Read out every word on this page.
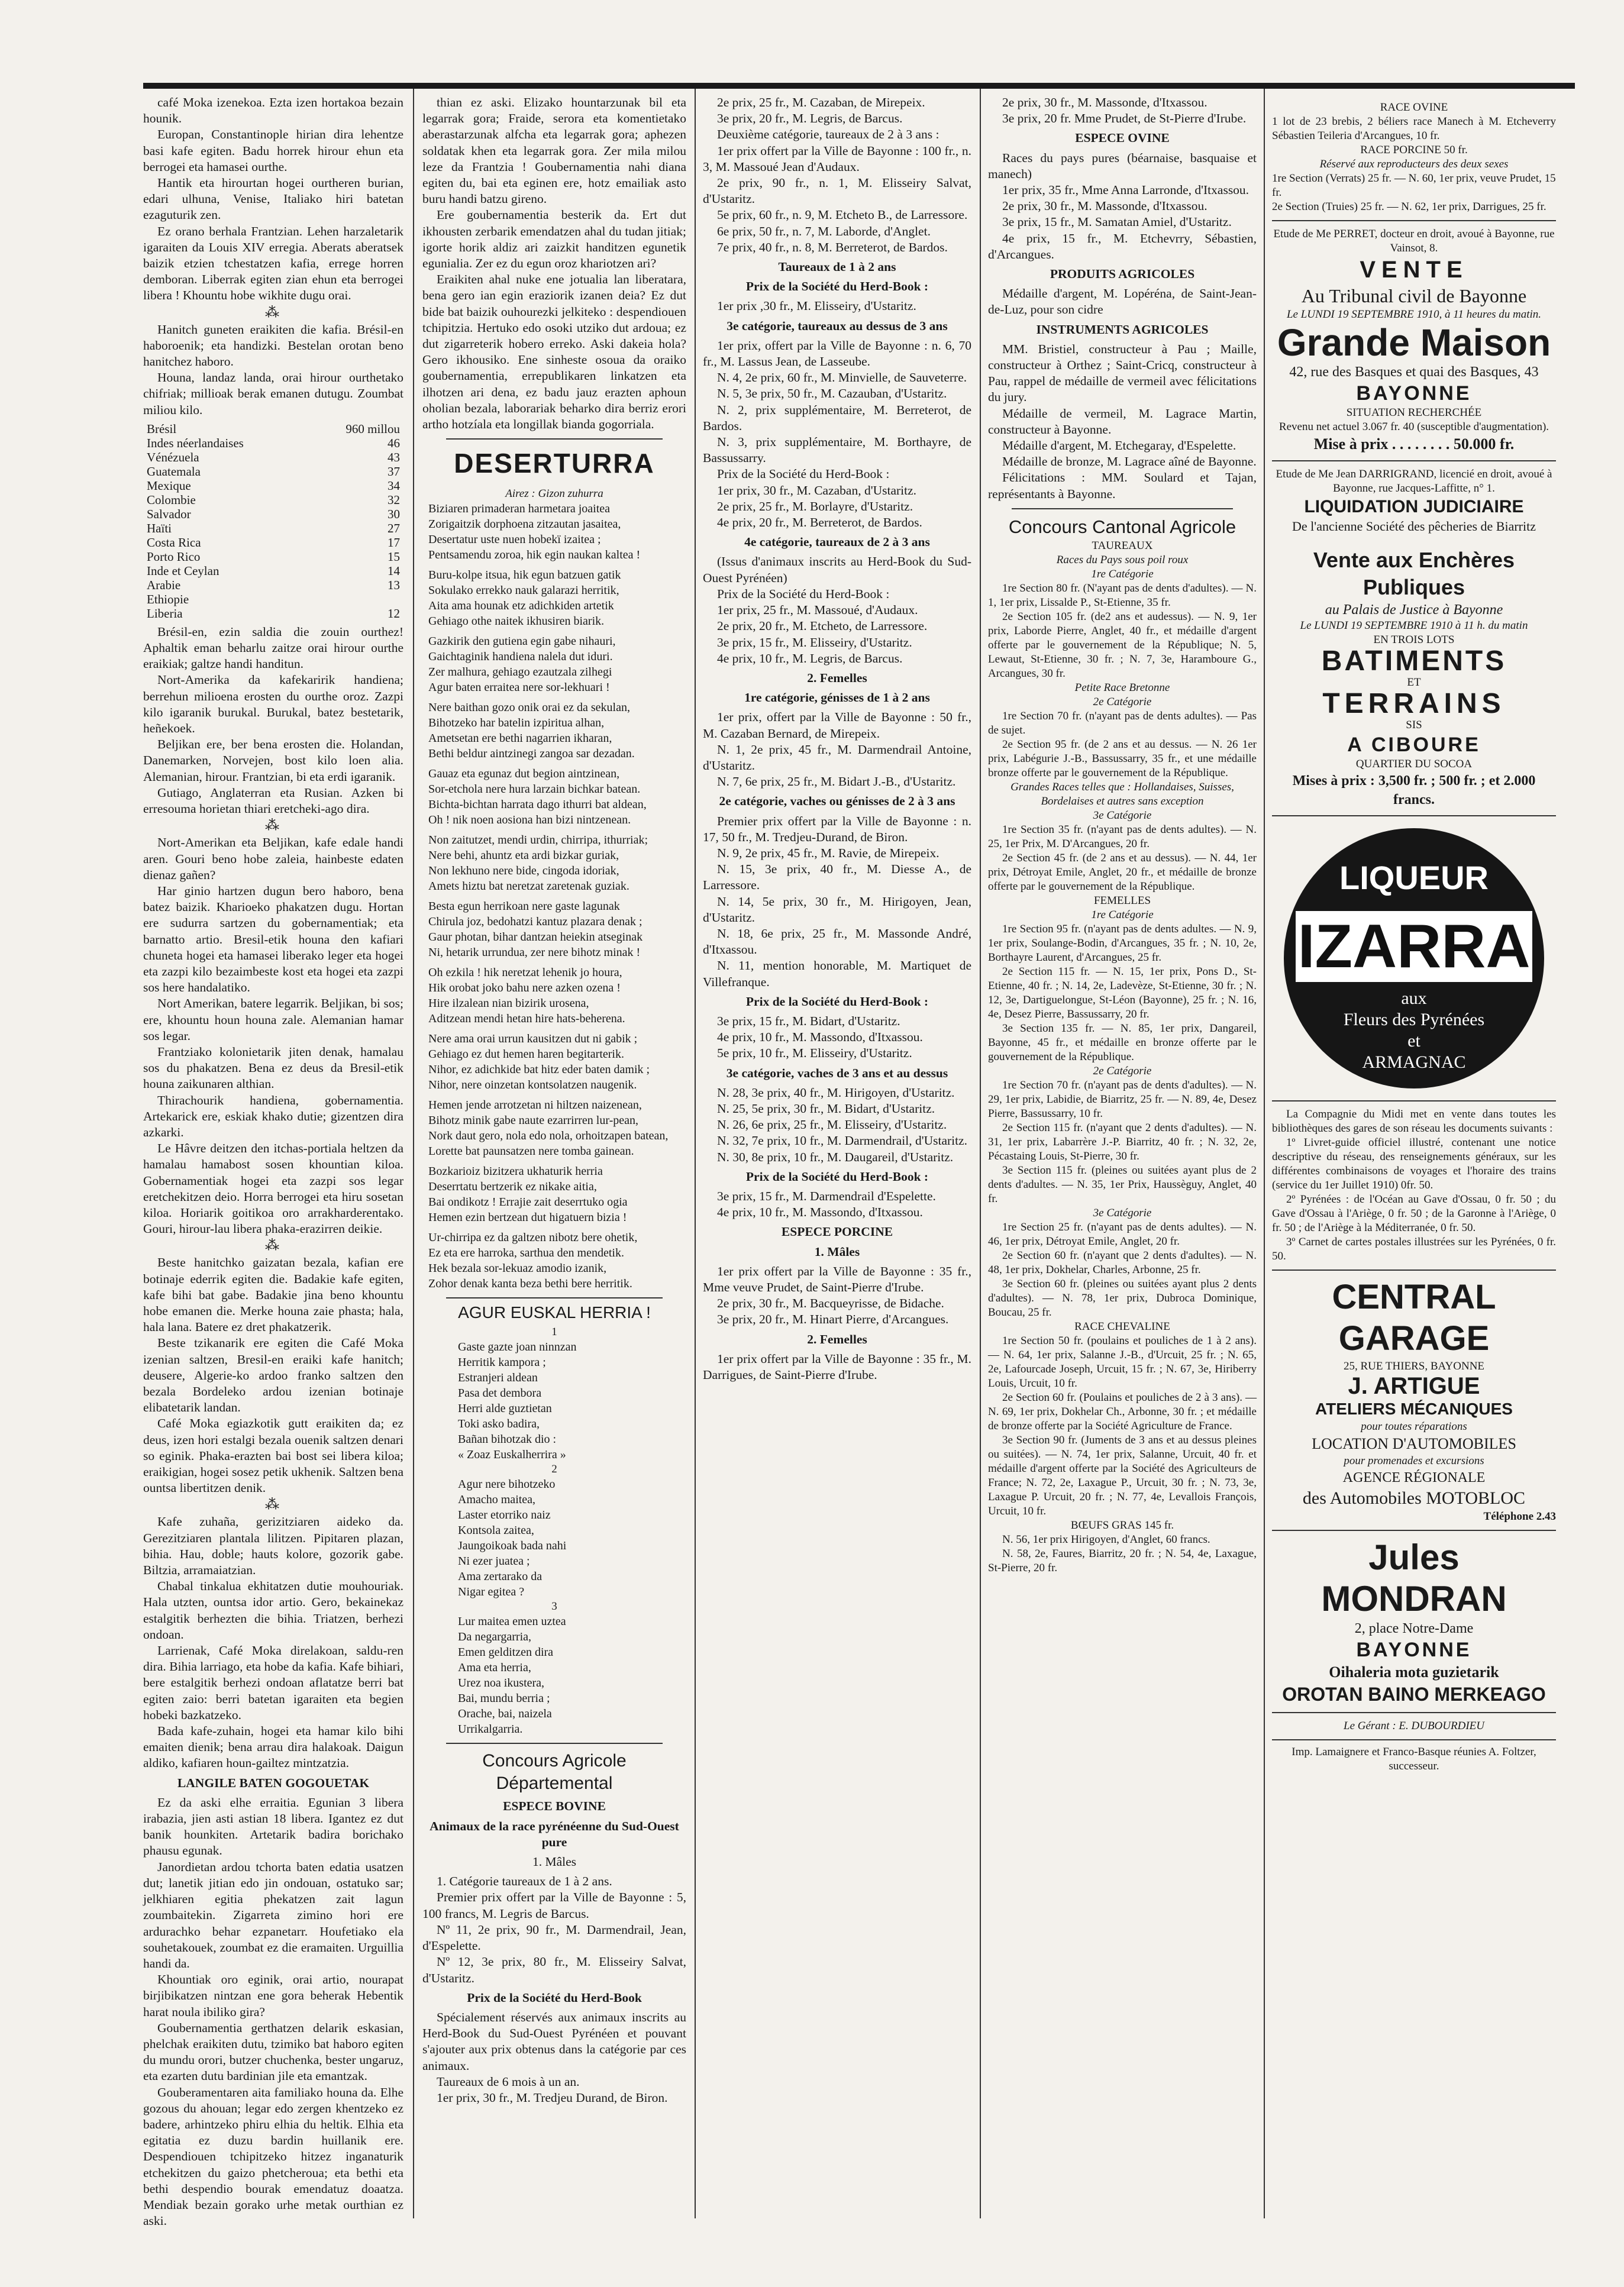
café Moka izenekoa. Ezta izen hortakoa bezain hounik.

Europan, Constantinople hirian dira lehentze basi kafe egiten. Badu horrek hirour ehun eta berrogei eta hamasei ourthe.

Hantik eta hirourtan hogei ourtheren burian, edari ulhuna, Venise, Italiako hiri batetan ezaguturik zen.

Ez orano berhala Frantzian. Lehen harzaletarik igaraiten da Louis XIV erregia. Aberats aberatsek baizik etzien tchestatzen kafia, errege horren demboran. Liberrak egiten zian ehun eta berrogei libera ! Khountu hobe wikhite dugu orai.

⁂

Hanitch guneten eraikiten die kafia. Brésil-en haboroenik; eta handizki. Bestelan orotan beno hanitchez haboro.

Houna, landaz landa, orai hirour ourthetako chifriak; millioak berak emanen dutugu. Zoumbat miliou kilo.

Brésil	960 millou
Indes néerlandaises	46
Vénézuela	43
Guatemala	37
Mexique	34
Colombie	32
Salvador	30
Haïti	27
Costa Rica	17
Porto Rico	15
Inde et Ceylan	14
Arabie	13
Ethiopie	
Liberia	12

Brésil-en, ezin saldia die zouin ourthez! Aphaltik eman beharlu zaitze orai hirour ourthe eraikiak; galtze handi handitun.

Nort-Amerika da kafekaririk handiena; berrehun milioena erosten du ourthe oroz. Zazpi kilo igaranik burukal. Burukal, batez bestetarik, heñekoek.

Beljikan ere, ber bena erosten die. Holandan, Danemarken, Norvejen, bost kilo loen alia. Alemanian, hirour. Frantzian, bi eta erdi igaranik.

Gutiago, Anglaterran eta Rusian. Azken bi erresouma horietan thiari eretcheki-ago dira.

⁂

Nort-Amerikan eta Beljikan, kafe edale handi aren. Gouri beno hobe zaleia, hainbeste edaten dienaz gañen?

Har ginio hartzen dugun bero haboro, bena batez baizik. Kharioeko phakatzen dugu. Hortan ere sudurra sartzen du gobernamentiak; eta barnatto artio. Bresil-etik houna den kafiari chuneta hogei eta hamasei liberako leger eta hogei eta zazpi kilo bezaimbeste kost eta hogei eta zazpi sos here handalatiko.

Nort Amerikan, batere legarrik. Beljikan, bi sos; ere, khountu houn houna zale. Alemanian hamar sos legar.

Frantziako kolonietarik jiten denak, hamalau sos du phakatzen. Bena ez deus da Bresil-etik houna zaikunaren althian.

Thirachourik handiena, gobernamentia. Artekarick ere, eskiak khako dutie; gizentzen dira azkarki.

Le Hâvre deitzen den itchas-portiala heltzen da hamalau hamabost sosen khountian kiloa. Gobernamentiak hogei eta zazpi sos legar eretchekitzen deio. Horra berrogei eta hiru sosetan kiloa. Horiarik goitikoa oro arrakharderentako. Gouri, hirour-lau libera phaka-erazirren deikie.

⁂

Beste hanitchko gaizatan bezala, kafian ere botinaje ederrik egiten die. Badakie kafe egiten, kafe bihi bat gabe. Badakie jina beno khountu hobe emanen die. Merke houna zaie phasta; hala, hala lana. Batere ez dret phakatzerik.

Beste tzikanarik ere egiten die Café Moka izenian saltzen, Bresil-en eraiki kafe hanitch; deusere, Algerie-ko ardoo franko saltzen den bezala Bordeleko ardou izenian botinaje elibatetarik landan.

Café Moka egiazkotik gutt eraikiten da; ez deus, izen hori estalgi bezala ouenik saltzen denari so eginik. Phaka-erazten bai bost sei libera kiloa; eraikigian, hogei sosez petik ukhenik. Saltzen bena ountsa libertitzen denik.

⁂

Kafe zuhaña, gerizitziaren aideko da. Gerezitziaren plantala lilitzen. Pipitaren plazan, bihia. Hau, doble; hauts kolore, gozorik gabe. Biltzia, arramaiatzian.

Chabal tinkalua ekhitatzen dutie mouhouriak. Hala utzten, ountsa idor artio. Gero, bekainekaz estalgitik berhezten die bihia. Triatzen, berhezi ondoan.

Larrienak, Café Moka direlakoan, saldu-ren dira. Bihia larriago, eta hobe da kafia. Kafe bihiari, bere estalgitik berhezi ondoan aflatatze berri bat egiten zaio: berri batetan igaraiten eta begien hobeki bazkatzeko.

Bada kafe-zuhain, hogei eta hamar kilo bihi emaiten dienik; bena arrau dira halakoak. Daigun aldiko, kafiaren houn-gailtez mintzatzia.

LANGILE BATEN GOGOUETAK

Ez da aski elhe erraitia. Egunian 3 libera irabazia, jien asti astian 18 libera. Igantez ez dut banik hounkiten. Artetarik badira borichako phausu egunak.

Janordietan ardou tchorta baten edatia usatzen dut; lanetik jitian edo jin ondouan, ostatuko sar; jelkhiaren egitia phekatzen zait lagun zoumbaitekin. Zigarreta zimino hori ere ardurachko behar ezpanetarr. Houfetiako ela souhetakouek, zoumbat ez die eramaiten. Urguillia handi da.

Khountiak oro eginik, orai artio, nourapat birjibikatzen nintzan ene gora beherak Hebentik harat noula ibiliko gira?

Goubernamentia gerthatzen delarik eskasian, phelchak eraikiten dutu, tzimiko bat haboro egiten du mundu orori, butzer chuchenka, bester ungaruz, eta ezarten dutu bardinian jile eta emantzak.

Gouberamentaren aita familiako houna da. Elhe gozous du ahouan; legar edo zergen khentzeko ez badere, arhintzeko phiru elhia du heltik. Elhia eta egitatia ez duzu bardin huillanik ere. Despendiouen tchipitzeko hitzez inganaturik etchekitzen du gaizo phetcheroua; eta bethi eta bethi despendio bourak emendatuz doaatza. Mendiak bezain gorako urhe metak ourthian ez aski.

thian ez aski. Elizako hountarzunak bil eta legarrak gora; Fraide, serora eta komentietako aberastarzunak alfcha eta legarrak gora; aphezen soldatak khen eta legarrak gora. Zer mila milou leze da Frantzia ! Goubernamentia nahi diana egiten du, bai eta eginen ere, hotz emailiak asto buru handi batzu gireno.

Ere goubernamentia besterik da. Ert dut ikhousten zerbarik emendatzen ahal du tudan jitiak; igorte horik aldiz ari zaizkit handitzen egunetik egunialia. Zer ez du egun oroz khariotzen ari?

Eraikiten ahal nuke ene jotualia lan liberatara, bena gero ian egin eraziorik izanen deia? Ez dut bide bat baizik ouhourezki jelkiteko : despendiouen tchipitzia. Hertuko edo osoki utziko dut ardoua; ez dut zigarreterik hobero erreko. Aski dakeia hola? Gero ikhousiko. Ene sinheste osoua da oraiko goubernamentia, errepublikaren linkatzen eta ilhotzen ari dena, ez badu jauz erazten aphoun oholian bezala, laborariak beharko dira berriz erori artho hotzíala eta longillak bianda gogorriala.

DESERTURRA
Airez : Gizon zuhurra
Biziaren primaderan harmetara joaitea
Zorigaitzik dorphoena zitzautan jasaitea,
Desertatur uste nuen hobekï izaitea ;
Pentsamendu zoroa, hik egin naukan kaltea !
Buru-kolpe itsua, hik egun batzuen gatik
Sokulako errekko nauk galarazi herritik,
Aita ama hounak etz adichkiden artetik
Gehiago othe naitek ikhusiren biarik.
Gazkirik den gutiena egin gabe nihauri,
Gaichtaginik handiena nalela dut iduri.
Zer malhura, gehiago ezautzala zilhegi
Agur baten erraitea nere sor-lekhuari !
Nere baithan gozo onik orai ez da sekulan,
Bihotzeko har batelin izpiritua alhan,
Ametsetan ere bethi nagarrien ikharan,
Bethi beldur aintzinegi zangoa sar dezadan.
Gauaz eta egunaz dut begion aintzinean,
Sor-etchola nere hura larzain bichkar batean.
Bichta-bichtan harrata dago ithurri bat aldean,
Oh ! nik noen aosiona han bizi nintzenean.
Non zaitutzet, mendi urdin, chirripa, ithurriak;
Nere behi, ahuntz eta ardi bizkar guriak,
Non lekhuno nere bide, cingoda idoriak,
Amets hiztu bat neretzat zaretenak guziak.
Besta egun herrikoan nere gaste lagunak
Chirula joz, bedohatzi kantuz plazara denak ;
Gaur photan, bihar dantzan heiekin atseginak
Ni, hetarik urrundua, zer nere bihotz minak !
Oh ezkila ! hik neretzat lehenik jo houra,
Hik orobat joko bahu nere azken ozena !
Hire ilzalean nian bizirik urosena,
Aditzean mendi hetan hire hats-beherena.
Nere ama orai urrun kausitzen dut ni gabik ;
Gehiago ez dut hemen haren begitarterik.
Nihor, ez adichkide bat hitz eder baten damik ;
Nihor, nere oinzetan kontsolatzen naugenik.
Hemen jende arrotzetan ni hiltzen naizenean,
Bihotz minik gabe naute ezarrirren lur-pean,
Nork daut gero, nola edo nola, orhoitzapen batean,
Lorette bat paunsatzen nere tomba gainean.
Bozkarioiz bizitzera ukhaturik herria
Deserrtatu bertzerik ez nikake aitia,
Bai ondikotz ! Errajie zait deserrtuko ogia
Hemen ezin bertzean dut higatuern bizia !
Ur-chirripa ez da galtzen nibotz bere ohetik,
Ez eta ere harroka, sarthua den mendetik.
Hek bezala sor-lekuaz amodio izanik,
Zohor denak kanta beza bethi bere herritik.
AGUR EUSKAL HERRIA !
1
Gaste gazte joan ninnzan
Herritik kampora ;
Estranjeri aldean
Pasa det dembora
Herri alde guztietan
Toki asko badira,
Bañan bihotzak dio :
« Zoaz Euskalherrira »
2
Agur nere bihotzeko
Amacho maitea,
Laster etorriko naiz
Kontsola zaitea,
Jaungoikoak bada nahi
Ni ezer juatea ;
Ama zertarako da
Nigar egitea ?
3
Lur maitea emen uztea
Da negargarria,
Emen gelditzen dira
Ama eta herria,
Urez noa ikustera,
Bai, mundu berria ;
Orache, bai, naizela
Urrikalgarria.
Concours Agricole Départemental

ESPECE BOVINE

Animaux de la race pyrénéenne du Sud-Ouest pure

1. Mâles

1. Catégorie taureaux de 1 à 2 ans.

Premier prix offert par la Ville de Bayonne : 5, 100 francs, M. Legris de Barcus.

Nº 11, 2e prix, 90 fr., M. Darmendrail, Jean, d'Espelette.

Nº 12, 3e prix, 80 fr., M. Elisseiry Salvat, d'Ustaritz.

Prix de la Société du Herd-Book

Spécialement réservés aux animaux inscrits au Herd-Book du Sud-Ouest Pyrénéen et pouvant s'ajouter aux prix obtenus dans la catégorie par ces animaux.

Taureaux de 6 mois à un an.

1er prix, 30 fr., M. Tredjeu Durand, de Biron.

2e prix, 25 fr., M. Cazaban, de Mirepeix.

3e prix, 20 fr., M. Legris, de Barcus.

Deuxième catégorie, taureaux de 2 à 3 ans :

1er prix offert par la Ville de Bayonne : 100 fr., n. 3, M. Massoué Jean d'Audaux.

2e prix, 90 fr., n. 1, M. Elisseiry Salvat, d'Ustaritz.

5e prix, 60 fr., n. 9, M. Etcheto B., de Larressore.

6e prix, 50 fr., n. 7, M. Laborde, d'Anglet.

7e prix, 40 fr., n. 8, M. Berreterot, de Bardos.

Taureaux de 1 à 2 ans

Prix de la Société du Herd-Book :

1er prix ,30 fr., M. Elisseiry, d'Ustaritz.

3e catégorie, taureaux au dessus de 3 ans

1er prix, offert par la Ville de Bayonne : n. 6, 70 fr., M. Lassus Jean, de Lasseube.

N. 4, 2e prix, 60 fr., M. Minvielle, de Sauveterre.

N. 5, 3e prix, 50 fr., M. Cazauban, d'Ustaritz.

N. 2, prix supplémentaire, M. Berreterot, de Bardos.

N. 3, prix supplémentaire, M. Borthayre, de Bassussarry.

Prix de la Société du Herd-Book :

1er prix, 30 fr., M. Cazaban, d'Ustaritz.

2e prix, 25 fr., M. Borlayre, d'Ustaritz.

4e prix, 20 fr., M. Berreterot, de Bardos.

4e catégorie, taureaux de 2 à 3 ans

(Issus d'animaux inscrits au Herd-Book du Sud-Ouest Pyrénéen)

Prix de la Société du Herd-Book :

1er prix, 25 fr., M. Massoué, d'Audaux.

2e prix, 20 fr., M. Etcheto, de Larressore.

3e prix, 15 fr., M. Elisseiry, d'Ustaritz.

4e prix, 10 fr., M. Legris, de Barcus.

2. Femelles

1re catégorie, génisses de 1 à 2 ans

1er prix, offert par la Ville de Bayonne : 50 fr., M. Cazaban Bernard, de Mirepeix.

N. 1, 2e prix, 45 fr., M. Darmendrail Antoine, d'Ustaritz.

N. 7, 6e prix, 25 fr., M. Bidart J.-B., d'Ustaritz.

2e catégorie, vaches ou génisses de 2 à 3 ans

Premier prix offert par la Ville de Bayonne : n. 17, 50 fr., M. Tredjeu-Durand, de Biron.

N. 9, 2e prix, 45 fr., M. Ravie, de Mirepeix.

N. 15, 3e prix, 40 fr., M. Diesse A., de Larressore.

N. 14, 5e prix, 30 fr., M. Hirigoyen, Jean, d'Ustaritz.

N. 18, 6e prix, 25 fr., M. Massonde André, d'Itxassou.

N. 11, mention honorable, M. Martiquet de Villefranque.

Prix de la Société du Herd-Book :

3e prix, 15 fr., M. Bidart, d'Ustaritz.

4e prix, 10 fr., M. Massondo, d'Itxassou.

5e prix, 10 fr., M. Elisseiry, d'Ustaritz.

3e catégorie, vaches de 3 ans et au dessus

N. 28, 3e prix, 40 fr., M. Hirigoyen, d'Ustaritz.

N. 25, 5e prix, 30 fr., M. Bidart, d'Ustaritz.

N. 26, 6e prix, 25 fr., M. Elisseiry, d'Ustaritz.

N. 32, 7e prix, 10 fr., M. Darmendrail, d'Ustaritz.

N. 30, 8e prix, 10 fr., M. Daugareil, d'Ustaritz.

Prix de la Société du Herd-Book :

3e prix, 15 fr., M. Darmendrail d'Espelette.

4e prix, 10 fr., M. Massondo, d'Itxassou.

ESPECE PORCINE

1. Mâles

1er prix offert par la Ville de Bayonne : 35 fr., Mme veuve Prudet, de Saint-Pierre d'Irube.

2e prix, 30 fr., M. Bacqueyrisse, de Bidache.

3e prix, 20 fr., M. Hinart Pierre, d'Arcangues.

2. Femelles

1er prix offert par la Ville de Bayonne : 35 fr., M. Darrigues, de Saint-Pierre d'Irube.

2e prix, 30 fr., M. Massonde, d'Itxassou.

3e prix, 20 fr. Mme Prudet, de St-Pierre d'Irube.

ESPECE OVINE

Races du pays pures (béarnaise, basquaise et manech)

1er prix, 35 fr., Mme Anna Larronde, d'Itxassou.

2e prix, 30 fr., M. Massonde, d'Itxassou.

3e prix, 15 fr., M. Samatan Amiel, d'Ustaritz.

4e prix, 15 fr., M. Etchevrry, Sébastien, d'Arcangues.

PRODUITS AGRICOLES

Médaille d'argent, M. Lopéréna, de Saint-Jean-de-Luz, pour son cidre

INSTRUMENTS AGRICOLES

MM. Bristiel, constructeur à Pau ; Maille, constructeur à Orthez ; Saint-Cricq, constructeur à Pau, rappel de médaille de vermeil avec félicitations du jury.

Médaille de vermeil, M. Lagrace Martin, constructeur à Bayonne.

Médaille d'argent, M. Etchegaray, d'Espelette.

Médaille de bronze, M. Lagrace aîné de Bayonne.

Félicitations : MM. Soulard et Tajan, représentants à Bayonne.

Concours Cantonal Agricole
TAUREAUX
Races du Pays sous poil roux
1re Catégorie

1re Section 80 fr. (N'ayant pas de dents d'adultes). — N. 1, 1er prix, Lissalde P., St-Etienne, 35 fr.

2e Section 105 fr. (de2 ans et audessus). — N. 9, 1er prix, Laborde Pierre, Anglet, 40 fr., et médaille d'argent offerte par le gouvernement de la République; N. 5, Lewaut, St-Etienne, 30 fr. ; N. 7, 3e, Haramboure G., Arcangues, 30 fr.

Petite Race Bretonne
2e Catégorie

1re Section 70 fr. (n'ayant pas de dents adultes). — Pas de sujet.

2e Section 95 fr. (de 2 ans et au dessus. — N. 26 1er prix, Labégurie J.-B., Bassussarry, 35 fr., et une médaille bronze offerte par le gouvernement de la République.

Grandes Races telles que : Hollandaises, Suisses, Bordelaises et autres sans exception
3e Catégorie

1re Section 35 fr. (n'ayant pas de dents adultes). — N. 25, 1er Prix, M. D'Arcangues, 20 fr.

2e Section 45 fr. (de 2 ans et au dessus). — N. 44, 1er prix, Détroyat Emile, Anglet, 20 fr., et médaille de bronze offerte par le gouvernement de la République.

FEMELLES
1re Catégorie

1re Section 95 fr. (n'ayant pas de dents adultes. — N. 9, 1er prix, Soulange-Bodin, d'Arcangues, 35 fr. ; N. 10, 2e, Borthayre Laurent, d'Arcangues, 25 fr.

2e Section 115 fr. — N. 15, 1er prix, Pons D., St-Etienne, 40 fr. ; N. 14, 2e, Ladevèze, St-Etienne, 30 fr. ; N. 12, 3e, Dartiguelongue, St-Léon (Bayonne), 25 fr. ; N. 16, 4e, Desez Pierre, Bassussarry, 20 fr.

3e Section 135 fr. — N. 85, 1er prix, Dangareil, Bayonne, 45 fr., et médaille en bronze offerte par le gouvernement de la République.

2e Catégorie

1re Section 70 fr. (n'ayant pas de dents d'adultes). — N. 29, 1er prix, Labidie, de Biarritz, 25 fr. — N. 89, 4e, Desez Pierre, Bassussarry, 10 fr.

2e Section 115 fr. (n'ayant que 2 dents d'adultes). — N. 31, 1er prix, Labarrère J.-P. Biarritz, 40 fr. ; N. 32, 2e, Pécastaing Louis, St-Pierre, 30 fr.

3e Section 115 fr. (pleines ou suitées ayant plus de 2 dents d'adultes. — N. 35, 1er Prix, Haussèguy, Anglet, 40 fr.

3e Catégorie

1re Section 25 fr. (n'ayant pas de dents adultes). — N. 46, 1er prix, Détroyat Emile, Anglet, 20 fr.

2e Section 60 fr. (n'ayant que 2 dents d'adultes). — N. 48, 1er prix, Dokhelar, Charles, Arbonne, 25 fr.

3e Section 60 fr. (pleines ou suitées ayant plus 2 dents d'adultes). — N. 78, 1er prix, Dubroca Dominique, Boucau, 25 fr.

RACE CHEVALINE

1re Section 50 fr. (poulains et pouliches de 1 à 2 ans). — N. 64, 1er prix, Salanne J.-B., d'Urcuit, 25 fr. ; N. 65, 2e, Lafourcade Joseph, Urcuit, 15 fr. ; N. 67, 3e, Hiriberry Louis, Urcuit, 10 fr.

2e Section 60 fr. (Poulains et pouliches de 2 à 3 ans). — N. 69, 1er prix, Dokhelar Ch., Arbonne, 30 fr. ; et médaille de bronze offerte par la Société Agriculture de France.

3e Section 90 fr. (Juments de 3 ans et au dessus pleines ou suitées). — N. 74, 1er prix, Salanne, Urcuit, 40 fr. et médaille d'argent offerte par la Société des Agriculteurs de France; N. 72, 2e, Laxague P., Urcuit, 30 fr. ; N. 73, 3e, Laxague P. Urcuit, 20 fr. ; N. 77, 4e, Levallois François, Urcuit, 10 fr.

BŒUFS GRAS 145 fr.

N. 56, 1er prix Hirigoyen, d'Anglet, 60 francs.

N. 58, 2e, Faures, Biarritz, 20 fr. ; N. 54, 4e, Laxague, St-Pierre, 20 fr.

RACE OVINE
1 lot de 23 brebis, 2 béliers race Manech à M. Etcheverry Sébastien Teileria d'Arcangues, 10 fr.
RACE PORCINE 50 fr.
Réservé aux reproducteurs des deux sexes
1re Section (Verrats) 25 fr. — N. 60, 1er prix, veuve Prudet, 15 fr.
2e Section (Truies) 25 fr. — N. 62, 1er prix, Darrigues, 25 fr.
Etude de Me PERRET, docteur en droit, avoué à Bayonne, rue Vainsot, 8.
VENTE
Au Tribunal civil de Bayonne
Le LUNDI 19 SEPTEMBRE 1910, à 11 heures du matin.
Grande Maison
42, rue des Basques et quai des Basques, 43
BAYONNE
SITUATION RECHERCHÉE
Revenu net actuel 3.067 fr. 40 (susceptible d'augmentation).
Mise à prix . . . . . . . . 50.000 fr.
Etude de Me Jean DARRIGRAND, licencié en droit, avoué à Bayonne, rue Jacques-Laffitte, n° 1.
LIQUIDATION JUDICIAIRE
De l'ancienne Société des pêcheries de Biarritz
Vente aux Enchères Publiques
au Palais de Justice à Bayonne
Le LUNDI 19 SEPTEMBRE 1910 à 11 h. du matin
EN TROIS LOTS
BATIMENTS
ET
TERRAINS
SIS
A CIBOURE
QUARTIER DU SOCOA
Mises à prix : 3,500 fr. ; 500 fr. ; et 2.000 francs.
LIQUEUR
IZARRA
aux
Fleurs des Pyrénées
et
ARMAGNAC

La Compagnie du Midi met en vente dans toutes les bibliothèques des gares de son réseau les documents suivants :

1º Livret-guide officiel illustré, contenant une notice descriptive du réseau, des renseignements généraux, sur les différentes combinaisons de voyages et l'horaire des trains (service du 1er Juillet 1910) 0fr. 50.

2º Pyrénées : de l'Océan au Gave d'Ossau, 0 fr. 50 ; du Gave d'Ossau à l'Ariège, 0 fr. 50 ; de la Garonne à l'Ariège, 0 fr. 50 ; de l'Ariège à la Méditerranée, 0 fr. 50.

3º Carnet de cartes postales illustrées sur les Pyrénées, 0 fr. 50.

CENTRAL GARAGE
25, RUE THIERS, BAYONNE
J. ARTIGUE
ATELIERS MÉCANIQUES
pour toutes réparations
LOCATION D'AUTOMOBILES
pour promenades et excursions
AGENCE RÉGIONALE
des Automobiles MOTOBLOC
Téléphone 2.43
Jules MONDRAN
2, place Notre-Dame
BAYONNE
Oihaleria mota guzietarik
OROTAN BAINO MERKEAGO
Le Gérant : E. DUBOURDIEU
Imp. Lamaignere et Franco-Basque réunies A. Foltzer, successeur.
